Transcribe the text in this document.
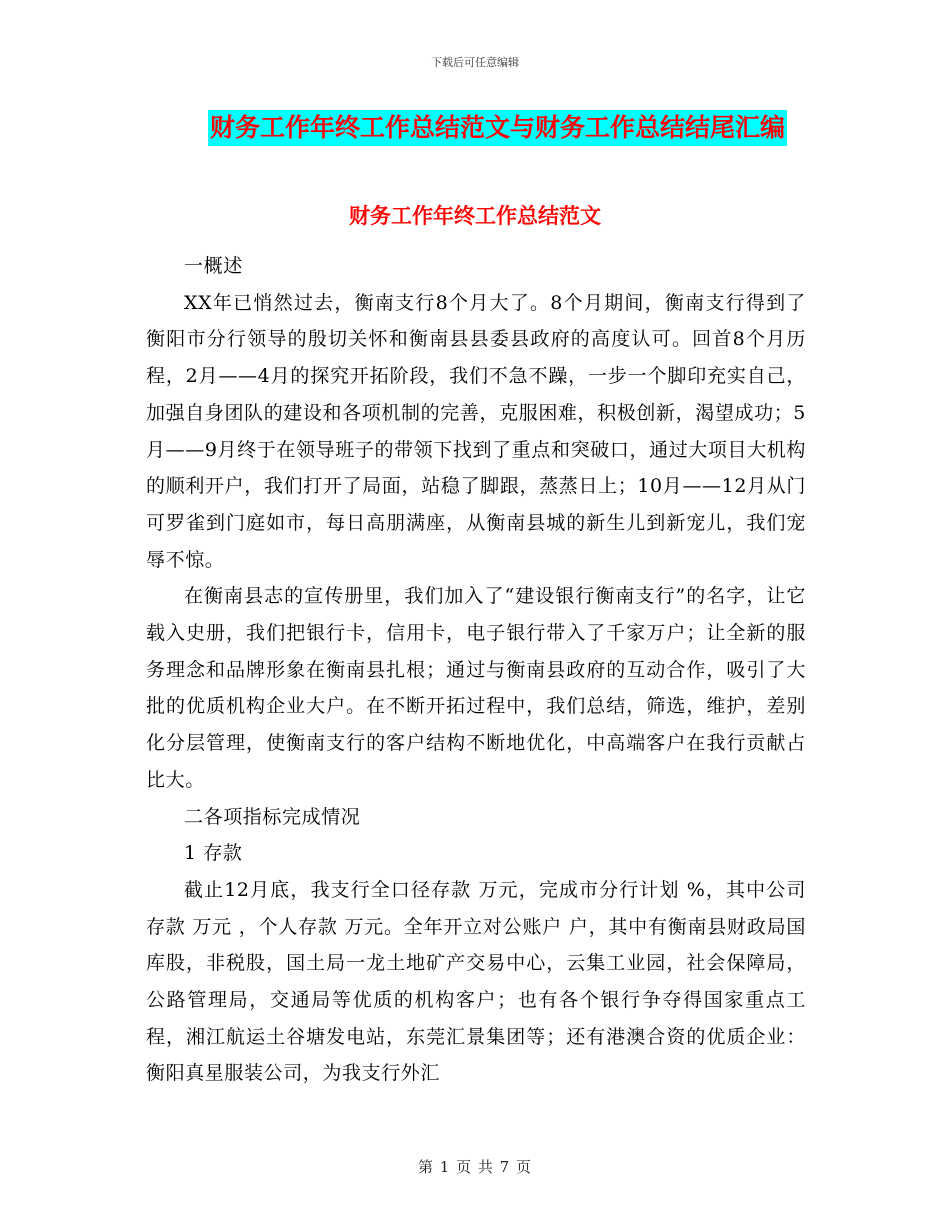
下载后可任意编辑
财务工作年终工作总结范文与财务工作总结结尾汇编
财务工作年终工作总结范文

一概述

XX年已悄然过去，衡南支行8个月大了。8个月期间，衡南支行得到了衡阳市分行领导的殷切关怀和衡南县县委县政府的高度认可。回首8个月历程，2月——4月的探究开拓阶段，我们不急不躁，一步一个脚印充实自己，加强自身团队的建设和各项机制的完善，克服困难，积极创新，渴望成功；5月——9月终于在领导班子的带领下找到了重点和突破口，通过大项目大机构的顺利开户，我们打开了局面，站稳了脚跟，蒸蒸日上；10月——12月从门可罗雀到门庭如市，每日高朋满座，从衡南县城的新生儿到新宠儿，我们宠辱不惊。

在衡南县志的宣传册里，我们加入了“建设银行衡南支行”的名字，让它载入史册，我们把银行卡，信用卡，电子银行带入了千家万户；让全新的服务理念和品牌形象在衡南县扎根；通过与衡南县政府的互动合作，吸引了大批的优质机构企业大户。在不断开拓过程中，我们总结，筛选，维护，差别化分层管理，使衡南支行的客户结构不断地优化，中高端客户在我行贡献占比大。

二各项指标完成情况

1 存款

截止12月底，我支行全口径存款 万元，完成市分行计划 %，其中公司存款 万元 ，个人存款 万元。全年开立对公账户 户，其中有衡南县财政局国库股，非税股，国土局一龙土地矿产交易中心，云集工业园，社会保障局，公路管理局，交通局等优质的机构客户；也有各个银行争夺得国家重点工程，湘江航运土谷塘发电站，东莞汇景集团等；还有港澳合资的优质企业：衡阳真星服装公司，为我支行外汇

第 1 页 共 7 页
